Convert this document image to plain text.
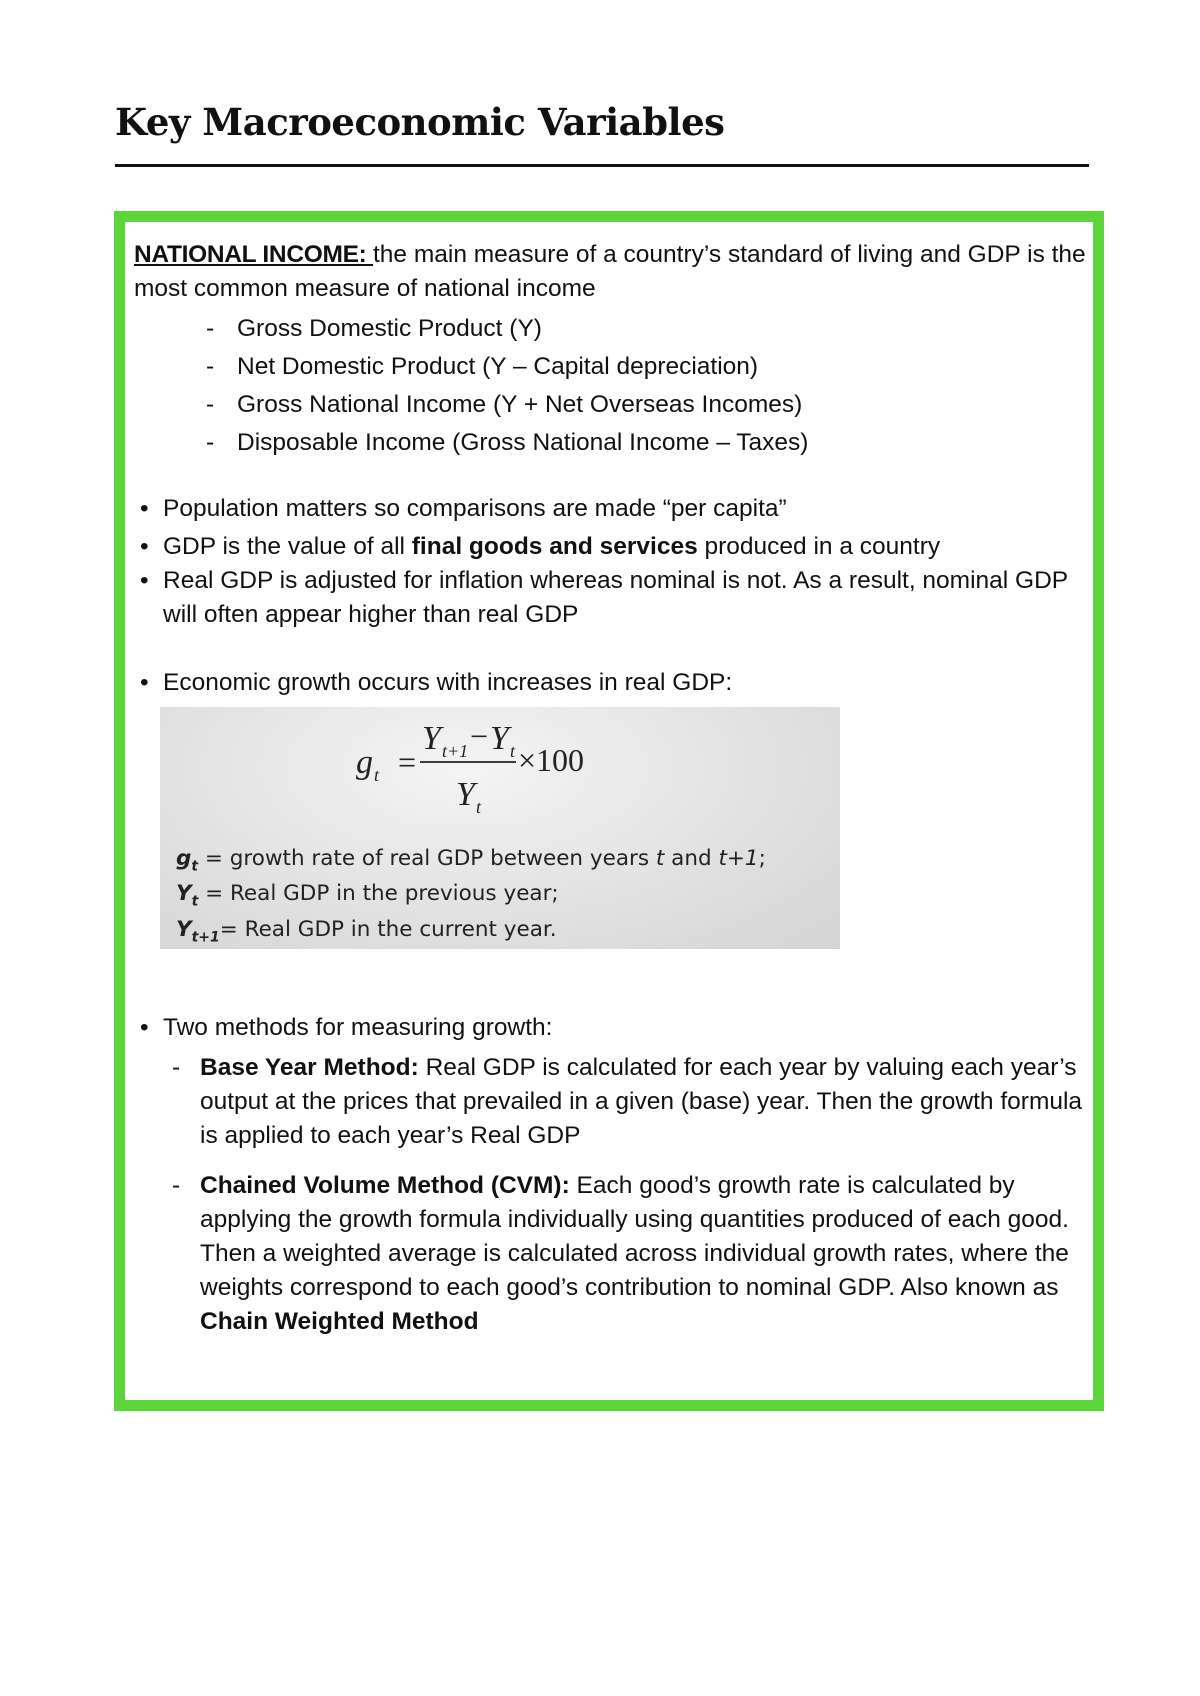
Key Macroeconomic Variables

NATIONAL INCOME: the main measure of a country’s standard of living and GDP is the most common measure of national income

- Gross Domestic Product (Y)
- Net Domestic Product (Y – Capital depreciation)
- Gross National Income (Y + Net Overseas Incomes)
- Disposable Income (Gross National Income – Taxes)
• Population matters so comparisons are made “per capita”
• GDP is the value of all final goods and services produced in a country
• Real GDP is adjusted for inflation whereas nominal is not. As a result, nominal GDP will often appear higher than real GDP
• Economic growth occurs with increases in real GDP:
g t =
Y t+1 − Y t
Y t
×100
$g_t$ = growth rate of real GDP between years t and t+1;
$Y_t$ = Real GDP in the previous year;
$Y_{t+1}=$ Real GDP in the current year.
• Two methods for measuring growth:
- Base Year Method: Real GDP is calculated for each year by valuing each year’s output at the prices that prevailed in a given (base) year. Then the growth formula is applied to each year’s Real GDP
- Chained Volume Method (CVM): Each good’s growth rate is calculated by applying the growth formula individually using quantities produced of each good. Then a weighted average is calculated across individual growth rates, where the weights correspond to each good’s contribution to nominal GDP. Also known as Chain Weighted Method
